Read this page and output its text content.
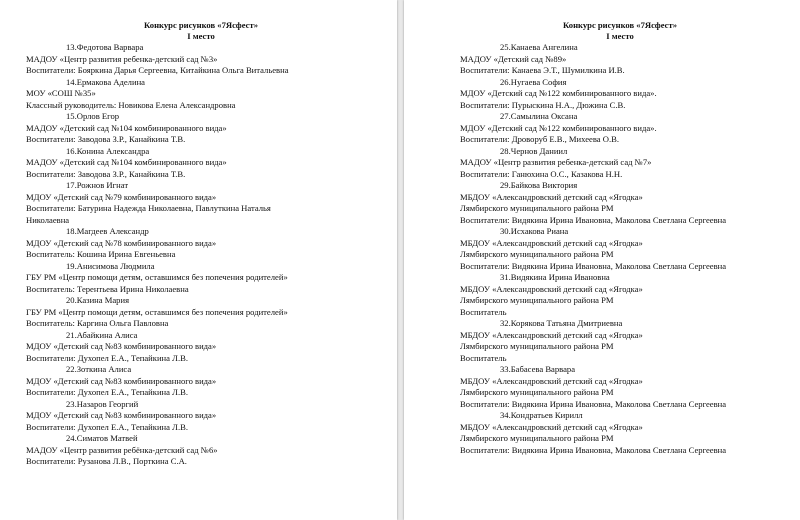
Конкурс рисунков «7Ясфест»
I место
13.Федотова Варвара
МАДОУ «Центр развития ребенка-детский сад №3»
Воспитатели: Бояркина Дарья Сергеевна, Китайкина Ольга Витальевна
14.Ермакова Аделина
МОУ «СОШ №35»
Классный руководитель: Новикова Елена Александровна
15.Орлов Егор
МАДОУ «Детский сад №104 комбинированного вида»
Воспитатели: Заводова З.Р., Канайкина Т.В.
16.Конина Александра
МАДОУ «Детский сад №104 комбинированного вида»
Воспитатели: Заводова З.Р., Канайкина Т.В.
17.Рожнов Игнат
МДОУ «Детский сад №79 комбинированного вида»
Воспитатели: Батурина Надежда Николаевна, Павлуткина Наталья
Николаевна
18.Магдеев Александр
МДОУ «Детский сад №78 комбинированного вида»
Воспитатель: Кошина Ирина Евгеньевна
19.Анисимова Людмила
ГБУ РМ «Центр помощи детям, оставшимся без попечения родителей»
Воспитатель: Терентьева Ирина Николаевна
20.Казина Мария
ГБУ РМ «Центр помощи детям, оставшимся без попечения родителей»
Воспитатель: Каргина Ольга Павловна
21.Абайкина Алиса
МДОУ «Детский сад №83 комбинированного вида»
Воспитатели: Духопел Е.А., Тепайкина Л.В.
22.Зоткина Алиса
МДОУ «Детский сад №83 комбинированного вида»
Воспитатели: Духопел Е.А., Тепайкина Л.В.
23.Назаров Георгий
МДОУ «Детский сад №83 комбинированного вида»
Воспитатели: Духопел Е.А., Тепайкина Л.В.
24.Симатов Матвей
МАДОУ «Центр развития ребёнка-детский сад №6»
Воспитатели: Рузанова Л.В., Порткина С.А.
Конкурс рисунков «7Ясфест»
I место
25.Канаева Ангелина
МАДОУ «Детский сад №89»
Воспитатели: Канаева Э.Т., Шумилкина И.В.
26.Нугаева София
МДОУ «Детский сад №122 комбинированного вида».
Воспитатели: Пурыскина Н.А., Дюжина С.В.
27.Самылина Оксана
МДОУ «Детский сад №122 комбинированного вида».
Воспитатели: Дроворуб Е.В., Михеева О.В.
28.Чернов Даниил
МАДОУ «Центр развития ребенка-детский сад №7»
Воспитатели: Ганюхина О.С., Казакова Н.Н.
29.Байкова Виктория
МБДОУ «Александровский детский сад «Ягодка»
Лямбирского муниципального района РМ
Воспитатели: Видякина Ирина Ивановна, Маколова Светлана Сергеевна
30.Исхакова Риана
МБДОУ «Александровский детский сад «Ягодка»
Лямбирского муниципального района РМ
Воспитатели: Видякина Ирина Ивановна, Маколова Светлана Сергеевна
31.Видякина Ирина Ивановна
МБДОУ «Александровский детский сад «Ягодка»
Лямбирского муниципального района РМ
Воспитатель
32.Корякова Татьяна Дмитриевна
МБДОУ «Александровский детский сад «Ягодка»
Лямбирского муниципального района РМ
Воспитатель
33.Бабасева Варвара
МБДОУ «Александровский детский сад «Ягодка»
Лямбирского муниципального района РМ
Воспитатели: Видякина Ирина Ивановна, Маколова Светлана Сергеевна
34.Кондратьев Кирилл
МБДОУ «Александровский детский сад «Ягодка»
Лямбирского муниципального района РМ
Воспитатели: Видякина Ирина Ивановна, Маколова Светлана Сергеевна
